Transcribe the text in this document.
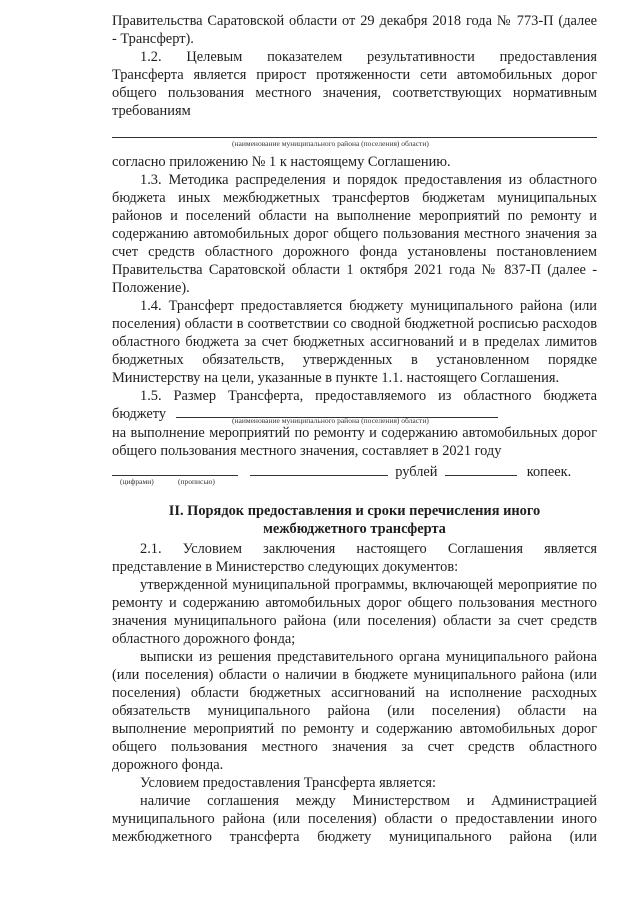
Правительства Саратовской области от 29 декабря 2018 года № 773-П (далее
- Трансферт).
1.2. Целевым показателем результативности предоставления
Трансферта является прирост протяженности сети автомобильных дорог
общего пользования местного значения, соответствующих нормативным
требованиям
(наименование муниципального района (поселения) области)
согласно приложению № 1 к настоящему Соглашению.
1.3. Методика распределения и порядок предоставления из областного
бюджета иных межбюджетных трансфертов бюджетам муниципальных
районов и поселений области на выполнение мероприятий по ремонту и
содержанию автомобильных дорог общего пользования местного значения за
счет средств областного дорожного фонда установлены постановлением
Правительства Саратовской области 1 октября 2021 года № 837-П (далее -
Положение).
1.4. Трансферт предоставляется бюджету муниципального района (или
поселения) области в соответствии со сводной бюджетной росписью расходов
областного бюджета за счет бюджетных ассигнований и в пределах лимитов
бюджетных обязательств, утвержденных в установленном порядке
Министерству на цели, указанные в пункте 1.1. настоящего Соглашения.
1.5. Размер Трансферта, предоставляемого из областного бюджета
бюджету	(наименование муниципального района (поселения) области)
на выполнение мероприятий по ремонту и содержанию автомобильных дорог
общего пользования местного значения, составляет в 2021 году
рублей	копеек.
(цифрами)	(прописью)
II. Порядок предоставления и сроки перечисления иного
межбюджетного трансферта
2.1. Условием заключения настоящего Соглашения является
представление в Министерство следующих документов:
утвержденной муниципальной программы, включающей мероприятие по
ремонту и содержанию автомобильных дорог общего пользования местного
значения муниципального района (или поселения) области за счет средств
областного дорожного фонда;
выписки из решения представительного органа муниципального района
(или поселения) области о наличии в бюджете муниципального района (или
поселения) области бюджетных ассигнований на исполнение расходных
обязательств муниципального района (или поселения) области на
выполнение мероприятий по ремонту и содержанию автомобильных дорог
общего пользования местного значения за счет средств областного
дорожного фонда.
Условием предоставления Трансферта является:
наличие соглашения между Министерством и Администрацией
муниципального района (или поселения) области о предоставлении иного
межбюджетного трансферта бюджету муниципального района (или
